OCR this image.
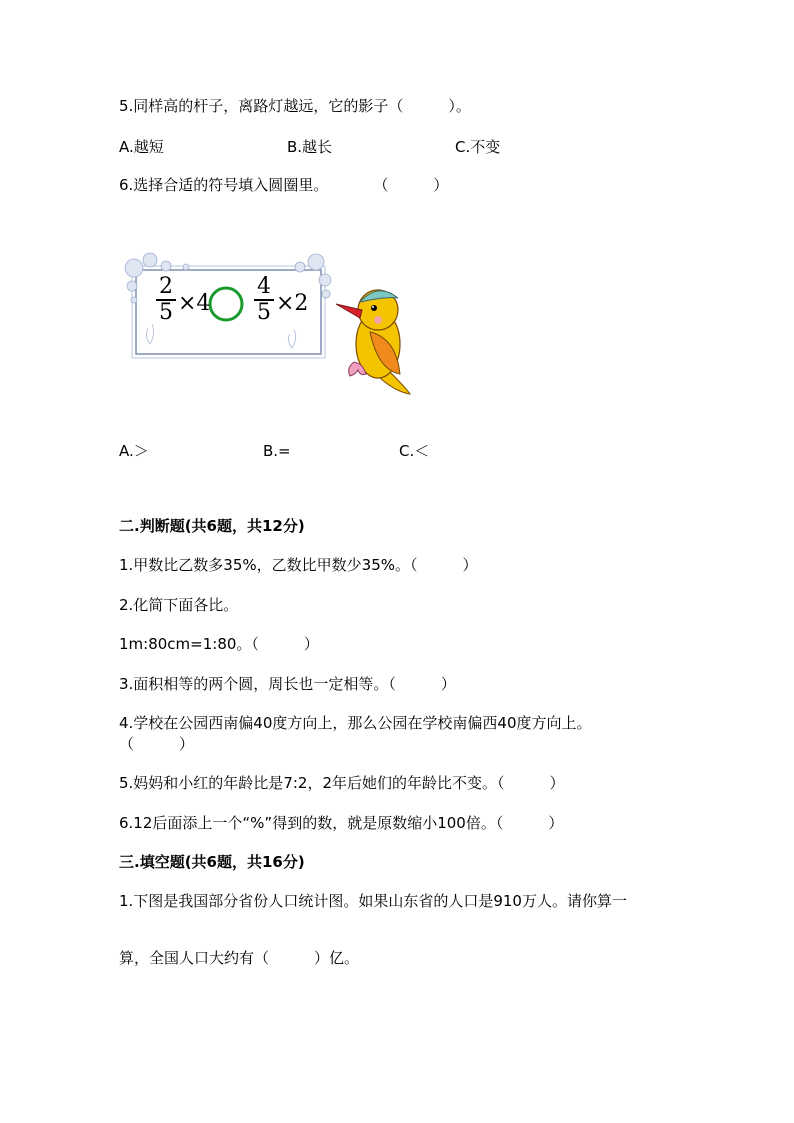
5.同样高的杆子，离路灯越远，它的影子（　　　）。
A.越短	B.越长	C.不变
6.选择合适的符号填入圆圈里。　　　　（　　　）
2
5 ×4
4
5 ×2
A.＞	B.=	C.＜
二.判断题(共6题，共12分)
1.甲数比乙数多35%，乙数比甲数少35%。（　　　）
2.化简下面各比。
1m:80cm=1:80。（　　　）
3.面积相等的两个圆，周长也一定相等。（　　　）
4.学校在公园西南偏40度方向上，那么公园在学校南偏西40度方向上。
（　　　）
5.妈妈和小红的年龄比是7:2，2年后她们的年龄比不变。（　　　）
6.12后面添上一个“%”得到的数，就是原数缩小100倍。（　　　）
三.填空题(共6题，共16分)
1.下图是我国部分省份人口统计图。如果山东省的人口是910万人。请你算一
算，全国人口大约有（　　　）亿。
